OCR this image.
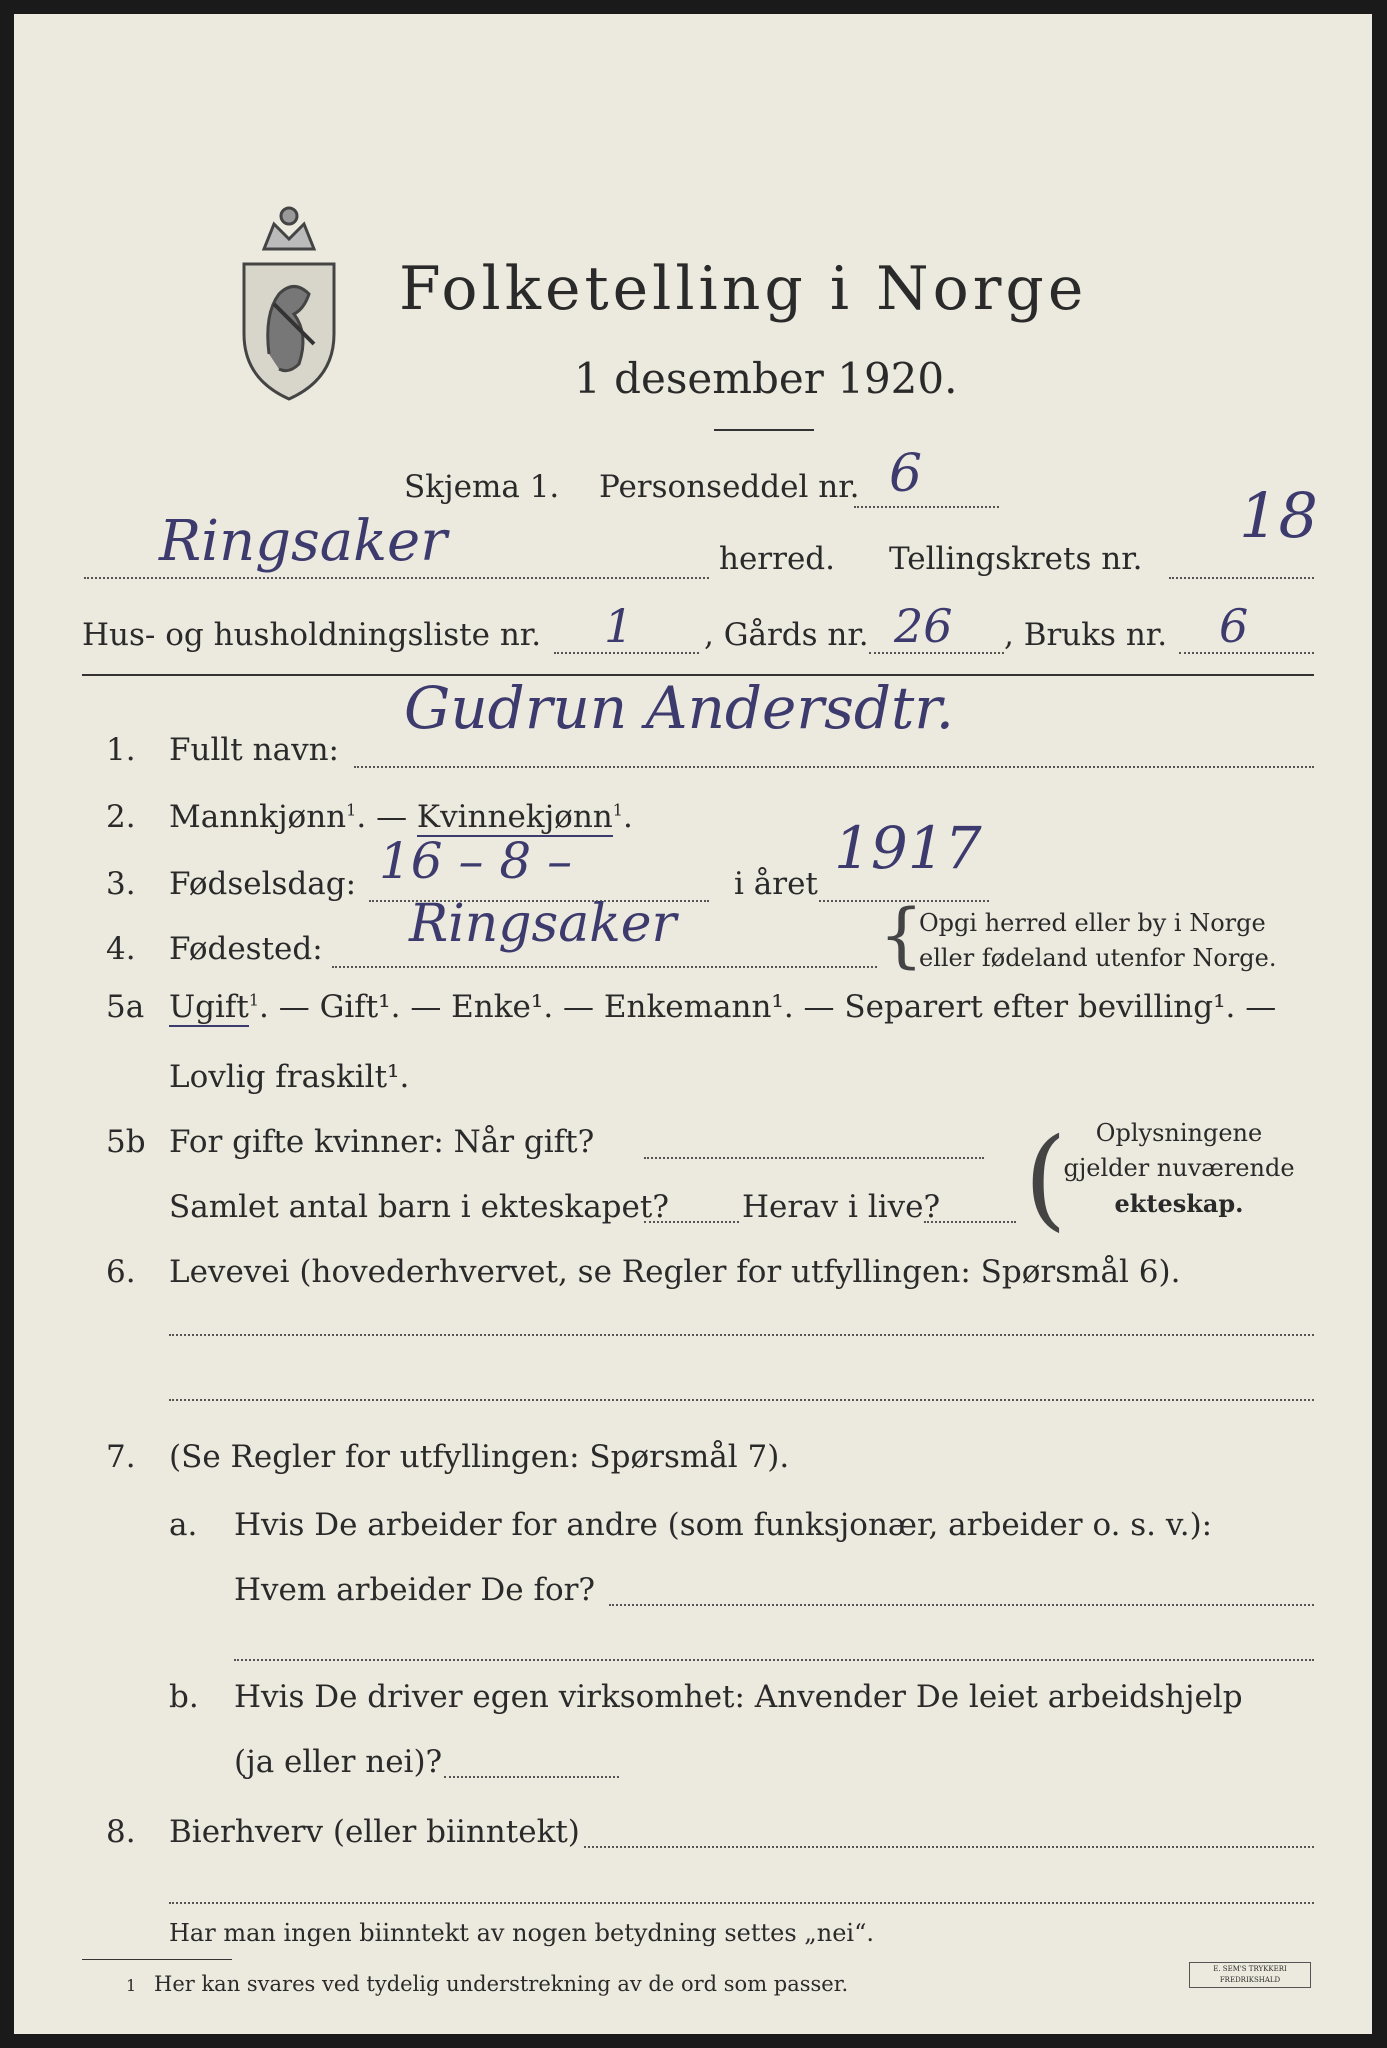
Folketelling i Norge
1 desember 1920.
Skjema 1. Personseddel nr. 6
Ringsaker	herred. Tellingskrets nr.
18
Hus- og husholdningsliste nr. 1 , Gårds nr. 26 , Bruks nr. 6
1. Fullt navn:
Gudrun Andersdtr.
2. Mannkjønn$^1$. — Kvinnekjønn$^1$.
3. Fødselsdag: 16 – 8 –	i året
1917
4. Fødested: Ringsaker	{
Opgi herred eller by i Norge
eller fødeland utenfor Norge.
5a Ugift$^1$. — Gift¹. — Enke¹. — Enkemann¹. — Separert efter bevilling¹. —
Lovlig fraskilt¹.
5b For gifte kvinner: Når gift?
Samlet antal barn i ekteskapet? Herav i live? (	Oplysningene
gjelder nuværende
ekteskap.
6. Levevei (hovederhvervet, se Regler for utfyllingen: Spørsmål 6).
7. (Se Regler for utfyllingen: Spørsmål 7).
a. Hvis De arbeider for andre (som funksjonær, arbeider o. s. v.):
Hvem arbeider De for?
b. Hvis De driver egen virksomhet: Anvender De leiet arbeidshjelp
(ja eller nei)?
8. Bierhverv (eller biinntekt)
Har man ingen biinntekt av nogen betydning settes „nei“.
1 Her kan svares ved tydelig understrekning av de ord som passer.
E. SEM'S TRYKKERI
FREDRIKSHALD
